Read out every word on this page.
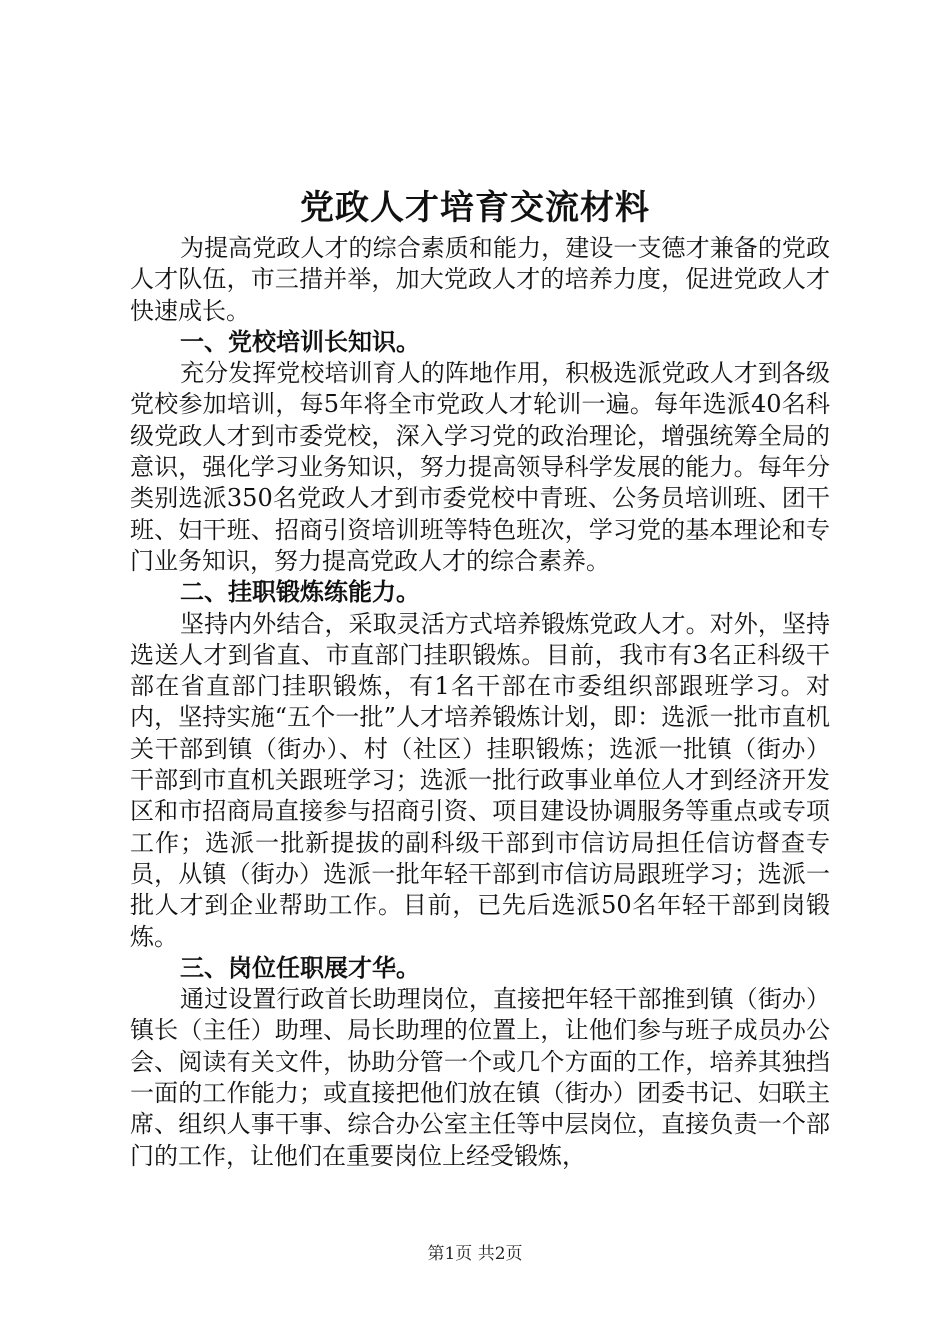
党政人才培育交流材料

为提高党政人才的综合素质和能力，建设一支德才兼备的党政人才队伍，市三措并举，加大党政人才的培养力度，促进党政人才快速成长。

一、党校培训长知识。

充分发挥党校培训育人的阵地作用，积极选派党政人才到各级党校参加培训，每5年将全市党政人才轮训一遍。每年选派40名科级党政人才到市委党校，深入学习党的政治理论，增强统筹全局的意识，强化学习业务知识，努力提高领导科学发展的能力。每年分类别选派350名党政人才到市委党校中青班、公务员培训班、团干班、妇干班、招商引资培训班等特色班次，学习党的基本理论和专门业务知识，努力提高党政人才的综合素养。

二、挂职锻炼练能力。

坚持内外结合，采取灵活方式培养锻炼党政人才。对外，坚持选送人才到省直、市直部门挂职锻炼。目前，我市有3名正科级干部在省直部门挂职锻炼，有1名干部在市委组织部跟班学习。对内，坚持实施“五个一批”人才培养锻炼计划，即：选派一批市直机关干部到镇（街办）、村（社区）挂职锻炼；选派一批镇（街办）干部到市直机关跟班学习；选派一批行政事业单位人才到经济开发区和市招商局直接参与招商引资、项目建设协调服务等重点或专项工作；选派一批新提拔的副科级干部到市信访局担任信访督查专员，从镇（街办）选派一批年轻干部到市信访局跟班学习；选派一批人才到企业帮助工作。目前，已先后选派50名年轻干部到岗锻炼。

三、岗位任职展才华。

通过设置行政首长助理岗位，直接把年轻干部推到镇（街办）镇长（主任）助理、局长助理的位置上，让他们参与班子成员办公会、阅读有关文件，协助分管一个或几个方面的工作，培养其独挡一面的工作能力；或直接把他们放在镇（街办）团委书记、妇联主席、组织人事干事、综合办公室主任等中层岗位，直接负责一个部门的工作，让他们在重要岗位上经受锻炼，

第1页 共2页
